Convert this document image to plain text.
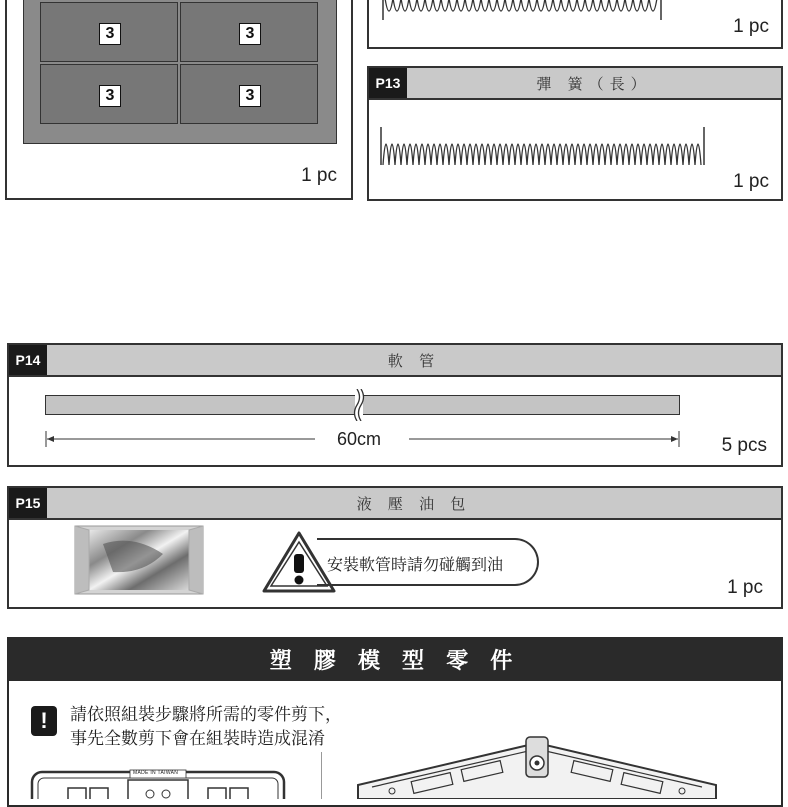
3	3
3	3
1 pc
1 pc
P13	彈 簧（長）
1 pc
P14	軟 管
60cm	5 pcs
P15	液 壓 油 包
安裝軟管時請勿碰觸到油
1 pc
塑 膠 模 型 零 件
!	請依照組裝步驟將所需的零件剪下，
事先全數剪下會在組裝時造成混淆
MADE IN TAIWAN
